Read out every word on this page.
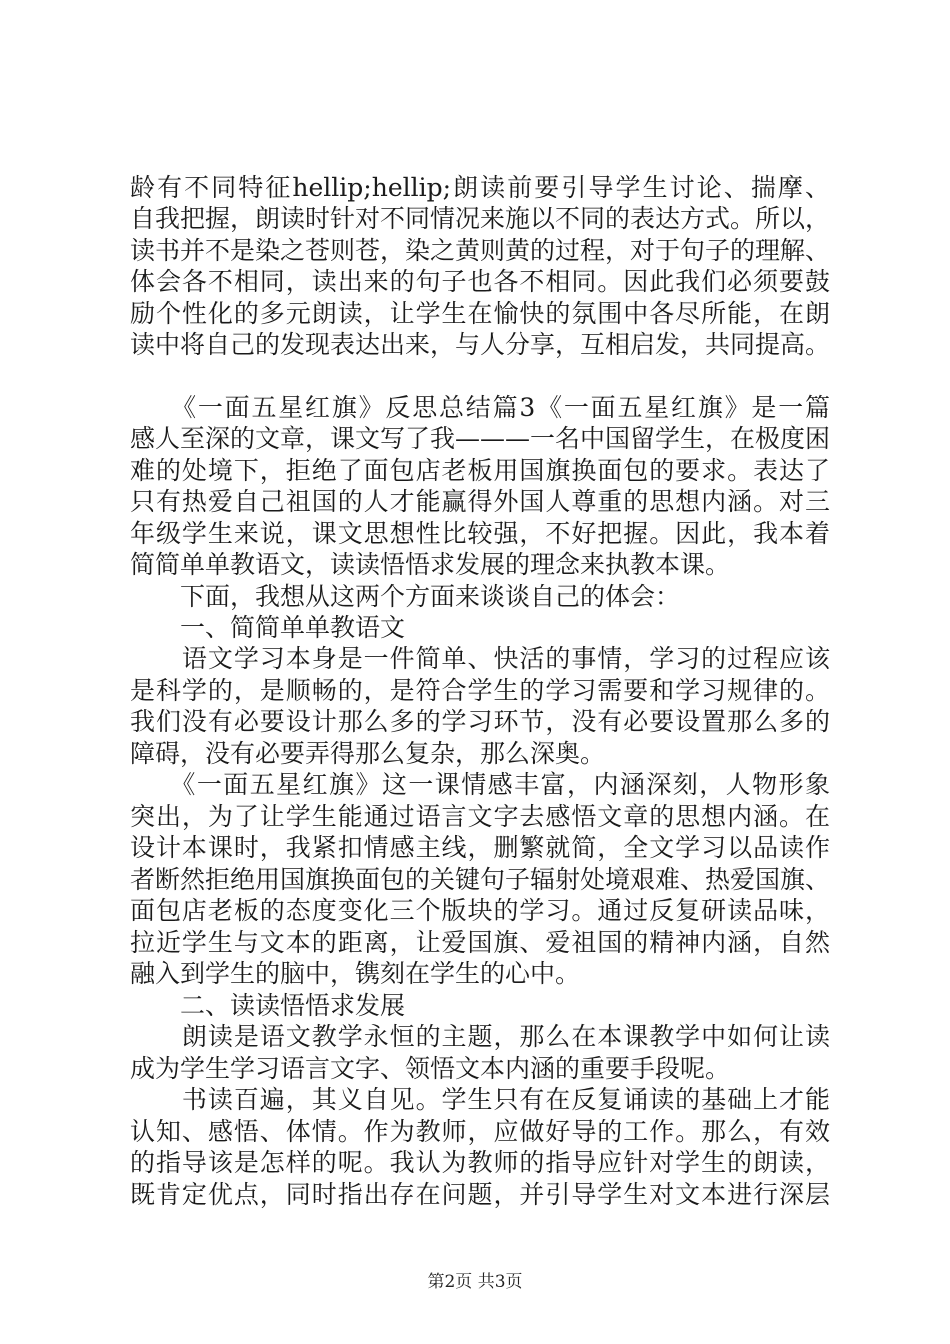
龄有不同特征hellip;hellip;朗读前要引导学生讨论、揣摩、
自我把握，朗读时针对不同情况来施以不同的表达方式。所以，
读书并不是染之苍则苍，染之黄则黄的过程，对于句子的理解、
体会各不相同，读出来的句子也各不相同。因此我们必须要鼓
励个性化的多元朗读，让学生在愉快的氛围中各尽所能，在朗
读中将自己的发现表达出来，与人分享，互相启发，共同提高。
　　《一面五星红旗》反思总结篇3《一面五星红旗》是一篇
感人至深的文章，课文写了我———一名中国留学生，在极度困
难的处境下，拒绝了面包店老板用国旗换面包的要求。表达了
只有热爱自己祖国的人才能赢得外国人尊重的思想内涵。对三
年级学生来说，课文思想性比较强，不好把握。因此，我本着
简简单单教语文，读读悟悟求发展的理念来执教本课。
　　下面，我想从这两个方面来谈谈自己的体会：
　　一、简简单单教语文
　　语文学习本身是一件简单、快活的事情，学习的过程应该
是科学的，是顺畅的，是符合学生的学习需要和学习规律的。
我们没有必要设计那么多的学习环节，没有必要设置那么多的
障碍，没有必要弄得那么复杂，那么深奥。
　　《一面五星红旗》这一课情感丰富，内涵深刻，人物形象
突出，为了让学生能通过语言文字去感悟文章的思想内涵。在
设计本课时，我紧扣情感主线，删繁就简，全文学习以品读作
者断然拒绝用国旗换面包的关键句子辐射处境艰难、热爱国旗、
面包店老板的态度变化三个版块的学习。通过反复研读品味，
拉近学生与文本的距离，让爱国旗、爱祖国的精神内涵，自然
融入到学生的脑中，镌刻在学生的心中。
　　二、读读悟悟求发展
　　朗读是语文教学永恒的主题，那么在本课教学中如何让读
成为学生学习语言文字、领悟文本内涵的重要手段呢。
　　书读百遍，其义自见。学生只有在反复诵读的基础上才能
认知、感悟、体情。作为教师，应做好导的工作。那么，有效
的指导该是怎样的呢。我认为教师的指导应针对学生的朗读，
既肯定优点，同时指出存在问题，并引导学生对文本进行深层
第2页 共3页
